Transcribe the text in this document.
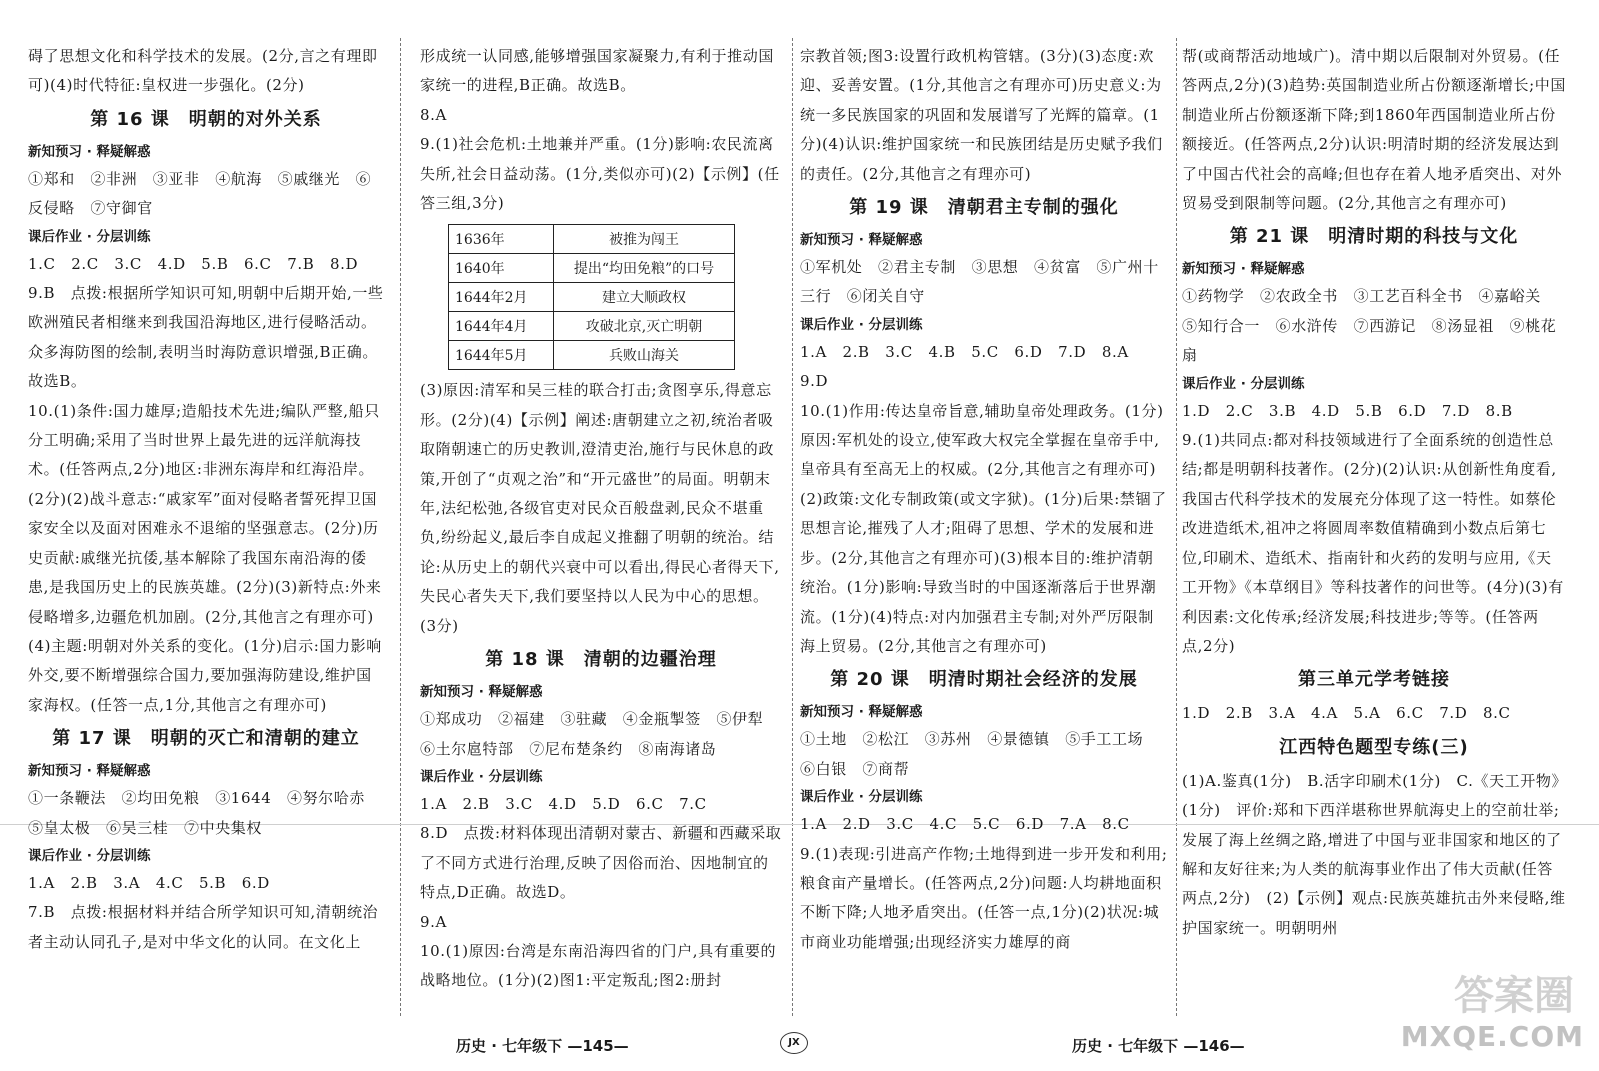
碍了思想文化和科学技术的发展。(2分,言之有理即可)(4)时代特征:皇权进一步强化。(2分)

第 16 课　明朝的对外关系
新知预习 · 释疑解惑

①郑和　②非洲　③亚非　④航海　⑤戚继光　⑥反侵略　⑦守御官

课后作业 · 分层训练

1.C　2.C　3.C　4.D　5.B　6.C　7.B　8.D

9.B　点拨:根据所学知识可知,明朝中后期开始,一些欧洲殖民者相继来到我国沿海地区,进行侵略活动。众多海防图的绘制,表明当时海防意识增强,B正确。故选B。

10.(1)条件:国力雄厚;造船技术先进;编队严整,船只分工明确;采用了当时世界上最先进的远洋航海技术。(任答两点,2分)地区:非洲东海岸和红海沿岸。(2分)(2)战斗意志:“戚家军”面对侵略者誓死捍卫国家安全以及面对困难永不退缩的坚强意志。(2分)历史贡献:戚继光抗倭,基本解除了我国东南沿海的倭患,是我国历史上的民族英雄。(2分)(3)新特点:外来侵略增多,边疆危机加剧。(2分,其他言之有理亦可)(4)主题:明朝对外关系的变化。(1分)启示:国力影响外交,要不断增强综合国力,要加强海防建设,维护国家海权。(任答一点,1分,其他言之有理亦可)

第 17 课　明朝的灭亡和清朝的建立
新知预习 · 释疑解惑

①一条鞭法　②均田免粮　③1644　④努尔哈赤　⑤皇太极　⑥吴三桂　⑦中央集权

课后作业 · 分层训练

1.A　2.B　3.A　4.C　5.B　6.D

7.B　点拨:根据材料并结合所学知识可知,清朝统治者主动认同孔子,是对中华文化的认同。在文化上

形成统一认同感,能够增强国家凝聚力,有利于推动国家统一的进程,B正确。故选B。

8.A

9.(1)社会危机:土地兼并严重。(1分)影响:农民流离失所,社会日益动荡。(1分,类似亦可)(2)【示例】(任答三组,3分)

1636年	被推为闯王
1640年	提出“均田免粮”的口号
1644年2月	建立大顺政权
1644年4月	攻破北京,灭亡明朝
1644年5月	兵败山海关

(3)原因:清军和吴三桂的联合打击;贪图享乐,得意忘形。(2分)(4)【示例】阐述:唐朝建立之初,统治者吸取隋朝速亡的历史教训,澄清吏治,施行与民休息的政策,开创了“贞观之治”和“开元盛世”的局面。明朝末年,法纪松弛,各级官吏对民众百般盘剥,民众不堪重负,纷纷起义,最后李自成起义推翻了明朝的统治。结论:从历史上的朝代兴衰中可以看出,得民心者得天下,失民心者失天下,我们要坚持以人民为中心的思想。(3分)

第 18 课　清朝的边疆治理
新知预习 · 释疑解惑

①郑成功　②福建　③驻藏　④金瓶掣签　⑤伊犁　⑥土尔扈特部　⑦尼布楚条约　⑧南海诸岛

课后作业 · 分层训练

1.A　2.B　3.C　4.D　5.D　6.C　7.C

8.D　点拨:材料体现出清朝对蒙古、新疆和西藏采取了不同方式进行治理,反映了因俗而治、因地制宜的特点,D正确。故选D。

9.A

10.(1)原因:台湾是东南沿海四省的门户,具有重要的战略地位。(1分)(2)图1:平定叛乱;图2:册封

宗教首领;图3:设置行政机构管辖。(3分)(3)态度:欢迎、妥善安置。(1分,其他言之有理亦可)历史意义:为统一多民族国家的巩固和发展谱写了光辉的篇章。(1分)(4)认识:维护国家统一和民族团结是历史赋予我们的责任。(2分,其他言之有理亦可)

第 19 课　清朝君主专制的强化
新知预习 · 释疑解惑

①军机处　②君主专制　③思想　④贫富　⑤广州十三行　⑥闭关自守

课后作业 · 分层训练

1.A　2.B　3.C　4.B　5.C　6.D　7.D　8.A　9.D

10.(1)作用:传达皇帝旨意,辅助皇帝处理政务。(1分)原因:军机处的设立,使军政大权完全掌握在皇帝手中,皇帝具有至高无上的权威。(2分,其他言之有理亦可)(2)政策:文化专制政策(或文字狱)。(1分)后果:禁锢了思想言论,摧残了人才;阻碍了思想、学术的发展和进步。(2分,其他言之有理亦可)(3)根本目的:维护清朝统治。(1分)影响:导致当时的中国逐渐落后于世界潮流。(1分)(4)特点:对内加强君主专制;对外严厉限制海上贸易。(2分,其他言之有理亦可)

第 20 课　明清时期社会经济的发展
新知预习 · 释疑解惑

①土地　②松江　③苏州　④景德镇　⑤手工工场　⑥白银　⑦商帮

课后作业 · 分层训练

1.A　2.D　3.C　4.C　5.C　6.D　7.A　8.C

9.(1)表现:引进高产作物;土地得到进一步开发和利用;粮食亩产量增长。(任答两点,2分)问题:人均耕地面积不断下降;人地矛盾突出。(任答一点,1分)(2)状况:城市商业功能增强;出现经济实力雄厚的商

帮(或商帮活动地域广)。清中期以后限制对外贸易。(任答两点,2分)(3)趋势:英国制造业所占份额逐渐增长;中国制造业所占份额逐渐下降;到1860年西国制造业所占份额接近。(任答两点,2分)认识:明清时期的经济发展达到了中国古代社会的高峰;但也存在着人地矛盾突出、对外贸易受到限制等问题。(2分,其他言之有理亦可)

第 21 课　明清时期的科技与文化
新知预习 · 释疑解惑

①药物学　②农政全书　③工艺百科全书　④嘉峪关　⑤知行合一　⑥水浒传　⑦西游记　⑧汤显祖　⑨桃花扇

课后作业 · 分层训练

1.D　2.C　3.B　4.D　5.B　6.D　7.D　8.B

9.(1)共同点:都对科技领域进行了全面系统的创造性总结;都是明朝科技著作。(2分)(2)认识:从创新性角度看,我国古代科学技术的发展充分体现了这一特性。如蔡伦改进造纸术,祖冲之将圆周率数值精确到小数点后第七位,印刷术、造纸术、指南针和火药的发明与应用,《天工开物》《本草纲目》等科技著作的问世等。(4分)(3)有利因素:文化传承;经济发展;科技进步;等等。(任答两点,2分)

第三单元学考链接

1.D　2.B　3.A　4.A　5.A　6.C　7.D　8.C

江西特色题型专练(三)

(1)A.鉴真(1分)　B.活字印刷术(1分)　C.《天工开物》(1分)　评价:郑和下西洋堪称世界航海史上的空前壮举;发展了海上丝绸之路,增进了中国与亚非国家和地区的了解和友好往来;为人类的航海事业作出了伟大贡献(任答两点,2分)　(2)【示例】观点:民族英雄抗击外来侵略,维护国家统一。明朝明州

历史 · 七年级下 —145—	JX	历史 · 七年级下 —146—
答案圈
MXQE.COM
